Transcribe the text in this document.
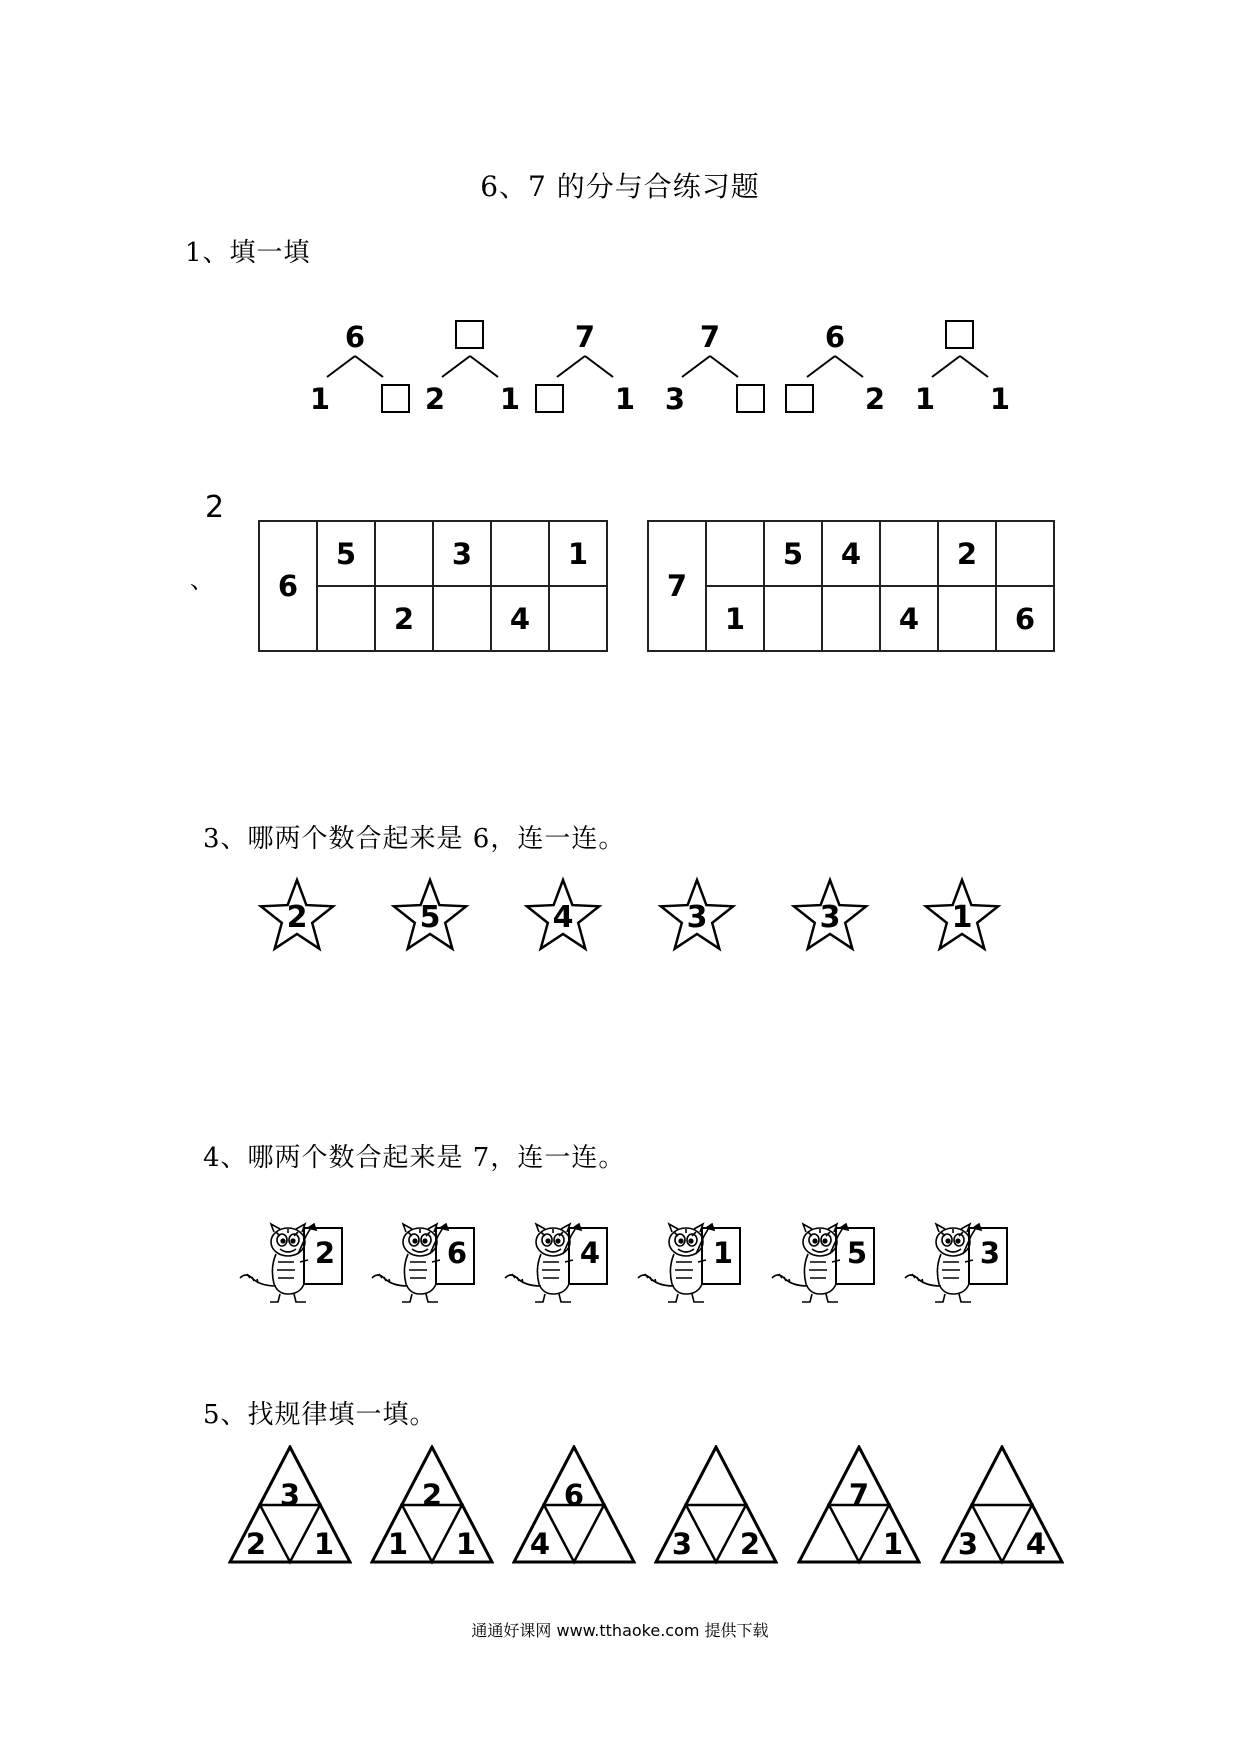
6、7 的分与合练习题
1、填一填
6
1	2 1
7
1
7
3
6
2 1 1
2
、 6	5		3		1
		2		4	
7		5	4		2	
	1			4		6
3、哪两个数合起来是 6，连一连。
2	5	4	3	3	1
4、哪两个数合起来是 7，连一连。
2	6	4	1	5	3
5、找规律填一填。
3
2	1
2
1	1
6
4	3	2
7
1	3	4
通通好课网 www.tthaoke.com 提供下载
